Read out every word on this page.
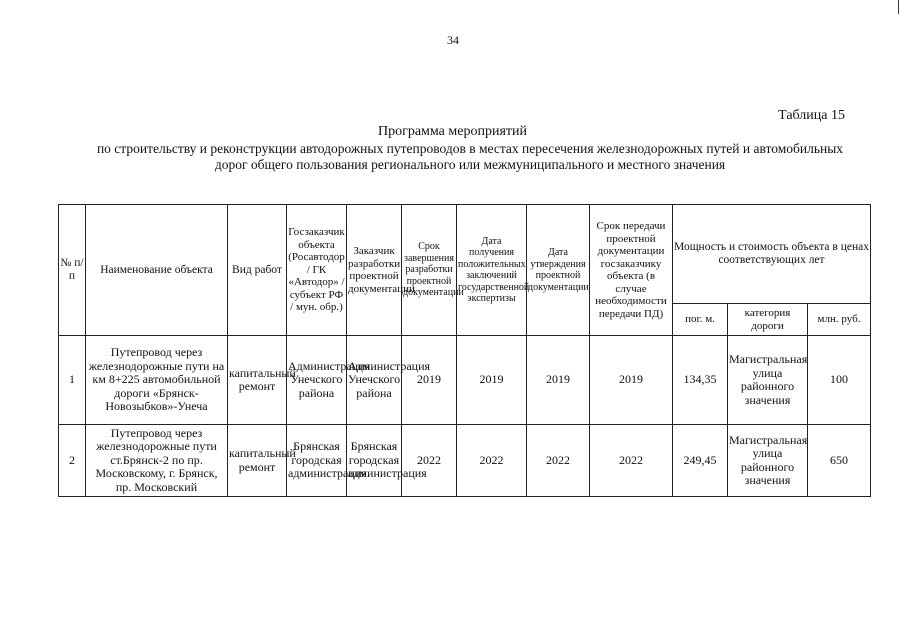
34
Таблица 15
Программа мероприятий
по строительству и реконструкции автодорожных путепроводов в местах пересечения железнодорожных путей и автомобильных дорог общего пользования регионального или межмуниципального и местного значения
№ п/п	Наименование объекта	Вид работ	Госзаказчик объекта (Росавтодор / ГК «Автодор» / субъект РФ / мун. обр.)	Заказчик разработки проектной документации	Срок завершения разработки проектной документации	Дата получения положительных заключений государственной экспертизы	Дата утверждения проектной документации	Срок передачи проектной документации госзаказчику объекта (в случае необходимости передачи ПД)	Мощность и стоимость объекта в ценах соответствующих лет		
									пог. м.	категория дороги	млн. руб.
1	Путепровод через железнодорожные пути на км 8+225 автомобильной дороги «Брянск-Новозыбков»-Унеча	капитальный ремонт	Администрация Унечского района	Администрация Унечского района	2019	2019	2019	2019	134,35	Магистральная улица районного значения	100
2	Путепровод через железнодорожные пути ст.Брянск-2 по пр. Московскому, г. Брянск, пр. Московский	капитальный ремонт	Брянская городская администрация	Брянская городская администрация	2022	2022	2022	2022	249,45	Магистральная улица районного значения	650
